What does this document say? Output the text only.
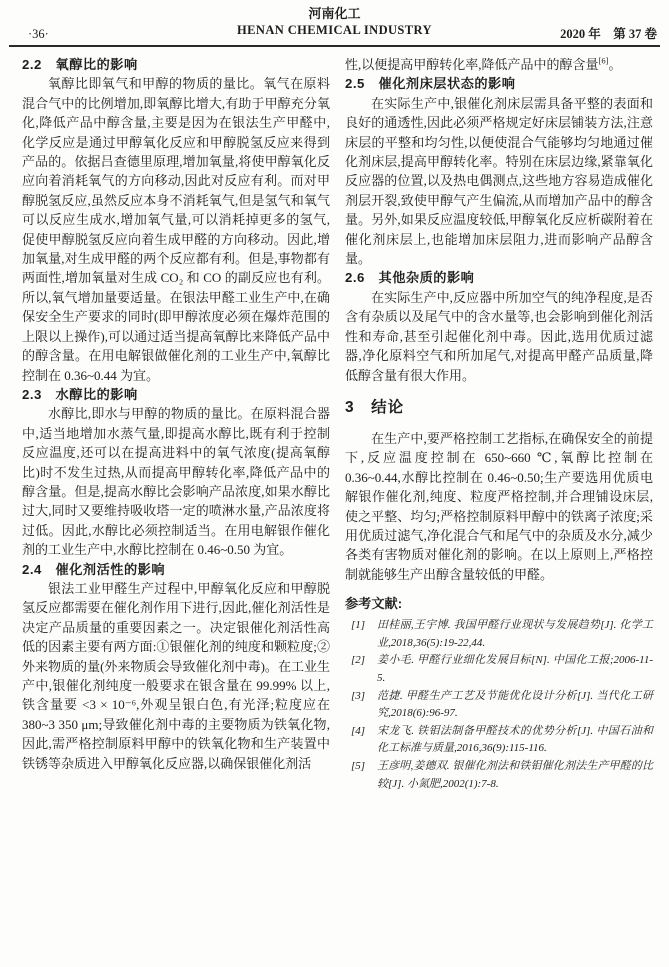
河南化工
HENAN CHEMICAL INDUSTRY
·36·	2020 年　第 37 卷
2.2　氧醇比的影响

氧醇比即氧气和甲醇的物质的量比。氧气在原料混合气中的比例增加,即氧醇比增大,有助于甲醇充分氧化,降低产品中醇含量,主要是因为在银法生产甲醛中,化学反应是通过甲醇氧化反应和甲醇脱氢反应来得到产品的。依据吕查德里原理,增加氧量,将使甲醇氧化反应向着消耗氧气的方向移动,因此对反应有利。而对甲醇脱氢反应,虽然反应本身不消耗氧气,但是氢气和氧气可以反应生成水,增加氧气量,可以消耗掉更多的氢气,促使甲醇脱氢反应向着生成甲醛的方向移动。因此,增加氧量,对生成甲醛的两个反应都有利。但是,事物都有两面性,增加氧量对生成 CO₂ 和 CO 的副反应也有利。所以,氧气增加量要适量。在银法甲醛工业生产中,在确保安全生产要求的同时(即甲醇浓度必须在爆炸范围的上限以上操作),可以通过适当提高氧醇比来降低产品中的醇含量。在用电解银做催化剂的工业生产中,氧醇比控制在 0.36~0.44 为宜。

2.3　水醇比的影响

水醇比,即水与甲醇的物质的量比。在原料混合器中,适当地增加水蒸气量,即提高水醇比,既有利于控制反应温度,还可以在提高进料中的氧气浓度(提高氧醇比)时不发生过热,从而提高甲醇转化率,降低产品中的醇含量。但是,提高水醇比会影响产品浓度,如果水醇比过大,同时又要维持吸收塔一定的喷淋水量,产品浓度将过低。因此,水醇比必须控制适当。在用电解银作催化剂的工业生产中,水醇比控制在 0.46~0.50 为宜。

2.4　催化剂活性的影响

银法工业甲醛生产过程中,甲醇氧化反应和甲醇脱氢反应都需要在催化剂作用下进行,因此,催化剂活性是决定产品质量的重要因素之一。决定银催化剂活性高低的因素主要有两方面:①银催化剂的纯度和颗粒度;②外来物质的量(外来物质会导致催化剂中毒)。在工业生产中,银催化剂纯度一般要求在银含量在 99.99% 以上,铁含量要 <3 × 10⁻⁶,外观呈银白色,有光泽;粒度应在 380~3 350 μm;导致催化剂中毒的主要物质为铁氧化物,因此,需严格控制原料甲醇中的铁氧化物和生产装置中铁锈等杂质进入甲醇氧化反应器,以确保银催化剂活

性,以便提高甲醇转化率,降低产品中的醇含量[6]。

2.5　催化剂床层状态的影响

在实际生产中,银催化剂床层需具备平整的表面和良好的通透性,因此必须严格规定好床层铺装方法,注意床层的平整和均匀性,以便使混合气能够均匀地通过催化剂床层,提高甲醇转化率。特别在床层边缘,紧靠氧化反应器的位置,以及热电偶测点,这些地方容易造成催化剂层开裂,致使甲醇气产生偏流,从而增加产品中的醇含量。另外,如果反应温度较低,甲醇氧化反应析碳附着在催化剂床层上,也能增加床层阻力,进而影响产品醇含量。

2.6　其他杂质的影响

在实际生产中,反应器中所加空气的纯净程度,是否含有杂质以及尾气中的含水量等,也会影响到催化剂活性和寿命,甚至引起催化剂中毒。因此,选用优质过滤器,净化原料空气和所加尾气,对提高甲醛产品质量,降低醇含量有很大作用。

3　结论

在生产中,要严格控制工艺指标,在确保安全的前提下,反应温度控制在 650~660 ℃,氧醇比控制在 0.36~0.44,水醇比控制在 0.46~0.50;生产要选用优质电解银作催化剂,纯度、粒度严格控制,并合理铺设床层,使之平整、均匀;严格控制原料甲醇中的铁离子浓度;采用优质过滤气,净化混合气和尾气中的杂质及水分,减少各类有害物质对催化剂的影响。在以上原则上,严格控制就能够生产出醇含量较低的甲醛。

参考文献:
[1] 田桂丽,王宇博. 我国甲醛行业现状与发展趋势[J]. 化学工业,2018,36(5):19-22,44.
[2] 姜小毛. 甲醛行业细化发展目标[N]. 中国化工报;2006-11-5.
[3] 范捷. 甲醛生产工艺及节能优化设计分析[J]. 当代化工研究,2018(6):96-97.
[4] 宋龙飞. 铁钼法制备甲醛技术的优势分析[J]. 中国石油和化工标准与质量,2016,36(9):115-116.
[5] 王彦明,姜德双. 银催化剂法和铁钼催化剂法生产甲醛的比较[J]. 小氮肥,2002(1):7-8.
